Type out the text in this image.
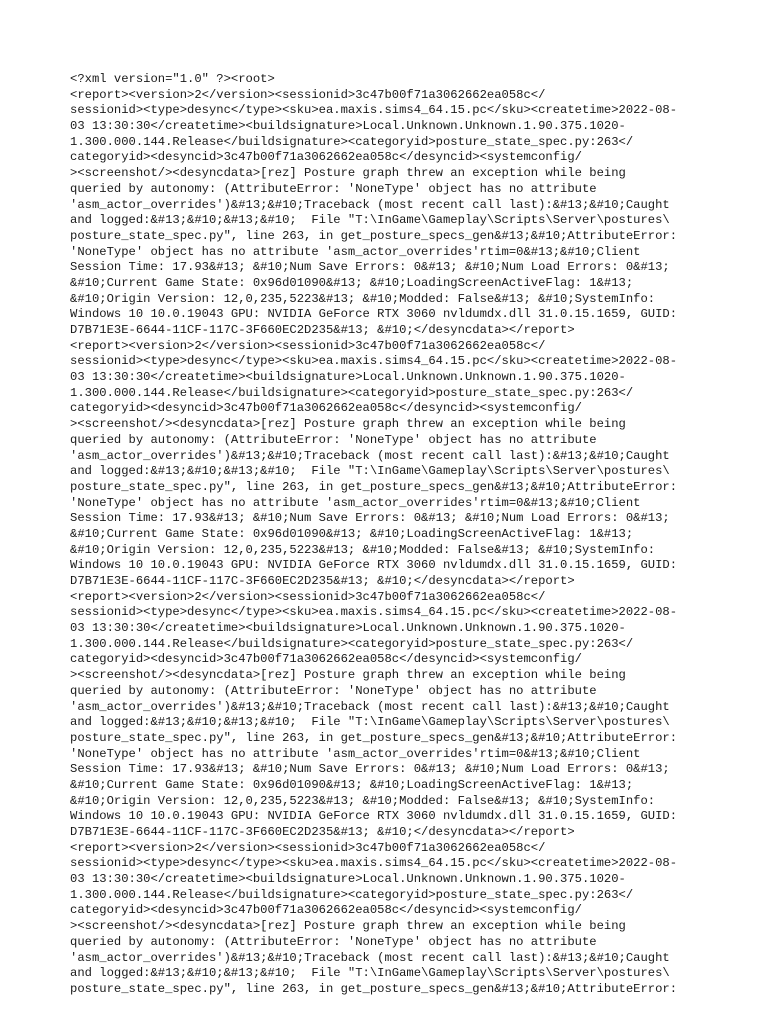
<?xml version="1.0" ?><root>
<report><version>2</version><sessionid>3c47b00f71a3062662ea058c</
sessionid><type>desync</type><sku>ea.maxis.sims4_64.15.pc</sku><createtime>2022-08-
03 13:30:30</createtime><buildsignature>Local.Unknown.Unknown.1.90.375.1020-
1.300.000.144.Release</buildsignature><categoryid>posture_state_spec.py:263</
categoryid><desyncid>3c47b00f71a3062662ea058c</desyncid><systemconfig/
><screenshot/><desyncdata>[rez] Posture graph threw an exception while being
queried by autonomy: (AttributeError: 'NoneType' object has no attribute
'asm_actor_overrides')&#13;&#10;Traceback (most recent call last):&#13;&#10;Caught
and logged:&#13;&#10;&#13;&#10;  File "T:\InGame\Gameplay\Scripts\Server\postures\
posture_state_spec.py", line 263, in get_posture_specs_gen&#13;&#10;AttributeError:
'NoneType' object has no attribute 'asm_actor_overrides'rtim=0&#13;&#10;Client
Session Time: 17.93&#13; &#10;Num Save Errors: 0&#13; &#10;Num Load Errors: 0&#13;
&#10;Current Game State: 0x96d01090&#13; &#10;LoadingScreenActiveFlag: 1&#13;
&#10;Origin Version: 12,0,235,5223&#13; &#10;Modded: False&#13; &#10;SystemInfo:
Windows 10 10.0.19043 GPU: NVIDIA GeForce RTX 3060 nvldumdx.dll 31.0.15.1659, GUID:
D7B71E3E-6644-11CF-117C-3F660EC2D235&#13; &#10;</desyncdata></report>
<report><version>2</version><sessionid>3c47b00f71a3062662ea058c</
sessionid><type>desync</type><sku>ea.maxis.sims4_64.15.pc</sku><createtime>2022-08-
03 13:30:30</createtime><buildsignature>Local.Unknown.Unknown.1.90.375.1020-
1.300.000.144.Release</buildsignature><categoryid>posture_state_spec.py:263</
categoryid><desyncid>3c47b00f71a3062662ea058c</desyncid><systemconfig/
><screenshot/><desyncdata>[rez] Posture graph threw an exception while being
queried by autonomy: (AttributeError: 'NoneType' object has no attribute
'asm_actor_overrides')&#13;&#10;Traceback (most recent call last):&#13;&#10;Caught
and logged:&#13;&#10;&#13;&#10;  File "T:\InGame\Gameplay\Scripts\Server\postures\
posture_state_spec.py", line 263, in get_posture_specs_gen&#13;&#10;AttributeError:
'NoneType' object has no attribute 'asm_actor_overrides'rtim=0&#13;&#10;Client
Session Time: 17.93&#13; &#10;Num Save Errors: 0&#13; &#10;Num Load Errors: 0&#13;
&#10;Current Game State: 0x96d01090&#13; &#10;LoadingScreenActiveFlag: 1&#13;
&#10;Origin Version: 12,0,235,5223&#13; &#10;Modded: False&#13; &#10;SystemInfo:
Windows 10 10.0.19043 GPU: NVIDIA GeForce RTX 3060 nvldumdx.dll 31.0.15.1659, GUID:
D7B71E3E-6644-11CF-117C-3F660EC2D235&#13; &#10;</desyncdata></report>
<report><version>2</version><sessionid>3c47b00f71a3062662ea058c</
sessionid><type>desync</type><sku>ea.maxis.sims4_64.15.pc</sku><createtime>2022-08-
03 13:30:30</createtime><buildsignature>Local.Unknown.Unknown.1.90.375.1020-
1.300.000.144.Release</buildsignature><categoryid>posture_state_spec.py:263</
categoryid><desyncid>3c47b00f71a3062662ea058c</desyncid><systemconfig/
><screenshot/><desyncdata>[rez] Posture graph threw an exception while being
queried by autonomy: (AttributeError: 'NoneType' object has no attribute
'asm_actor_overrides')&#13;&#10;Traceback (most recent call last):&#13;&#10;Caught
and logged:&#13;&#10;&#13;&#10;  File "T:\InGame\Gameplay\Scripts\Server\postures\
posture_state_spec.py", line 263, in get_posture_specs_gen&#13;&#10;AttributeError:
'NoneType' object has no attribute 'asm_actor_overrides'rtim=0&#13;&#10;Client
Session Time: 17.93&#13; &#10;Num Save Errors: 0&#13; &#10;Num Load Errors: 0&#13;
&#10;Current Game State: 0x96d01090&#13; &#10;LoadingScreenActiveFlag: 1&#13;
&#10;Origin Version: 12,0,235,5223&#13; &#10;Modded: False&#13; &#10;SystemInfo:
Windows 10 10.0.19043 GPU: NVIDIA GeForce RTX 3060 nvldumdx.dll 31.0.15.1659, GUID:
D7B71E3E-6644-11CF-117C-3F660EC2D235&#13; &#10;</desyncdata></report>
<report><version>2</version><sessionid>3c47b00f71a3062662ea058c</
sessionid><type>desync</type><sku>ea.maxis.sims4_64.15.pc</sku><createtime>2022-08-
03 13:30:30</createtime><buildsignature>Local.Unknown.Unknown.1.90.375.1020-
1.300.000.144.Release</buildsignature><categoryid>posture_state_spec.py:263</
categoryid><desyncid>3c47b00f71a3062662ea058c</desyncid><systemconfig/
><screenshot/><desyncdata>[rez] Posture graph threw an exception while being
queried by autonomy: (AttributeError: 'NoneType' object has no attribute
'asm_actor_overrides')&#13;&#10;Traceback (most recent call last):&#13;&#10;Caught
and logged:&#13;&#10;&#13;&#10;  File "T:\InGame\Gameplay\Scripts\Server\postures\
posture_state_spec.py", line 263, in get_posture_specs_gen&#13;&#10;AttributeError:
